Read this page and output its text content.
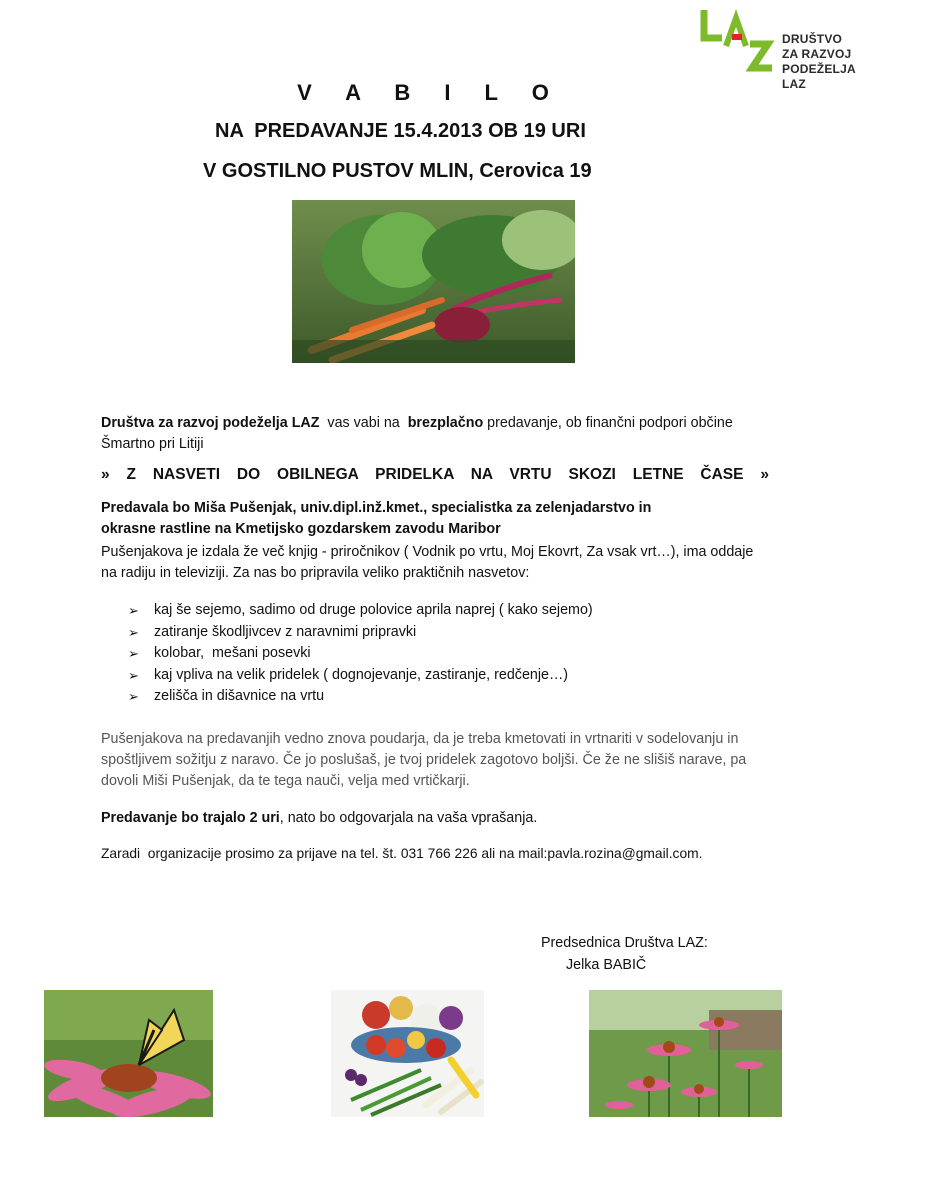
DRUŠTVO
ZA RAZVOJ
PODEŽELJA
LAZ
V A B I L O
NA  PREDAVANJE 15.4.2013 OB 19 URI
V GOSTILNO PUSTOV MLIN, Cerovica 19

Društva za razvoj podeželja LAZ  vas vabi na  brezplačno predavanje, ob finančni podpori občine Šmartno pri Litiji

» Z NASVETI DO OBILNEGA PRIDELKA NA VRTU SKOZI LETNE ČASE »

Predavala bo Miša Pušenjak, univ.dipl.inž.kmet., specialistka za zelenjadarstvo in

okrasne rastline na Kmetijsko gozdarskem zavodu Maribor

Pušenjakova je izdala že več knjig - priročnikov ( Vodnik po vrtu, Moj Ekovrt, Za vsak vrt…), ima oddaje na radiju in televiziji. Za nas bo pripravila veliko praktičnih nasvetov:

➢ kaj še sejemo, sadimo od druge polovice aprila naprej ( kako sejemo)
➢ zatiranje škodljivcev z naravnimi pripravki
➢ kolobar,  mešani posevki
➢ kaj vpliva na velik pridelek ( dognojevanje, zastiranje, redčenje…)
➢ zelišča in dišavnice na vrtu

Pušenjakova na predavanjih vedno znova poudarja, da je treba kmetovati in vrtnariti v sodelovanju in spoštljivem sožitju z naravo. Če jo poslušaš, je tvoj pridelek zagotovo boljši. Če že ne slišiš narave, pa dovoli Miši Pušenjak, da te tega nauči, velja med vrtičkarji.

Predavanje bo trajalo 2 uri, nato bo odgovarjala na vaša vprašanja.

Zaradi  organizacije prosimo za prijave na tel. št. 031 766 226 ali na mail:pavla.rozina@gmail.com.

Predsednica Društva LAZ:
Jelka BABIČ
